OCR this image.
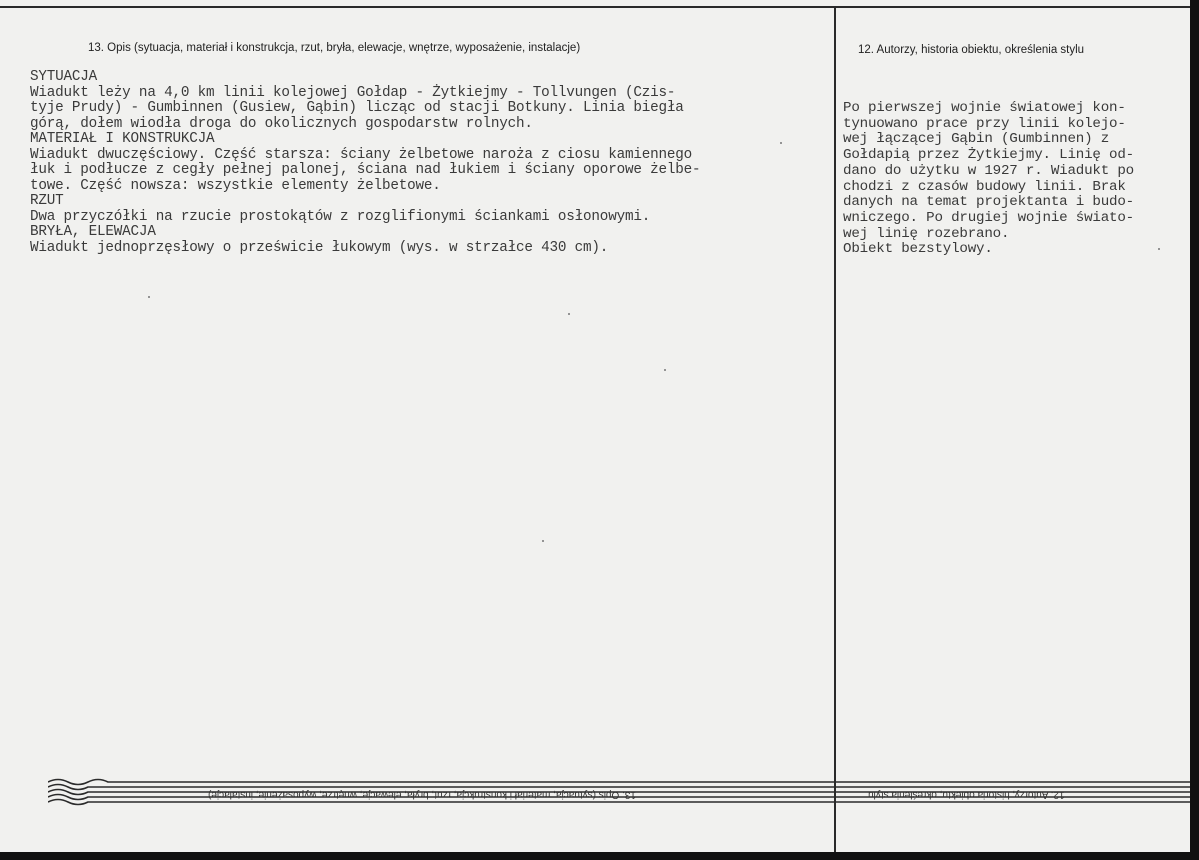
13. Opis (sytuacja, materiał i konstrukcja, rzut, bryła, elewacje, wnętrze, wyposażenie, instalacje)	12. Autorzy, historia obiektu, określenia stylu
SYTUACJA
Wiadukt leży na 4,0 km linii kolejowej Gołdap - Żytkiejmy - Tollvungen (Czis-
tyje Prudy) - Gumbinnen (Gusiew, Gąbin) licząc od stacji Botkuny. Linia biegła
górą, dołem wiodła droga do okolicznych gospodarstw rolnych.
MATERIAŁ I KONSTRUKCJA
Wiadukt dwuczęściowy. Część starsza: ściany żelbetowe naroża z ciosu kamiennego
łuk i podłucze z cegły pełnej palonej, ściana nad łukiem i ściany oporowe żelbe-
towe. Część nowsza: wszystkie elementy żelbetowe.
RZUT
Dwa przyczółki na rzucie prostokątów z rozglifionymi ściankami osłonowymi.
BRYŁA, ELEWACJA
Wiadukt jednoprzęsłowy o prześwicie łukowym (wys. w strzałce 430 cm).
Po pierwszej wojnie światowej kon-
tynuowano prace przy linii kolejo-
wej łączącej Gąbin (Gumbinnen) z
Gołdapią przez Żytkiejmy. Linię od-
dano do użytku w 1927 r. Wiadukt po
chodzi z czasów budowy linii. Brak
danych na temat projektanta i budo-
wniczego. Po drugiej wojnie świato-
wej linię rozebrano.
Obiekt bezstylowy.
13. Opis (sytuacja, materiał i konstrukcja, rzut, bryła, elewacje, wnętrze, wyposażenie, instalacje)	12. Autorzy, historia obiektu, określenia stylu
